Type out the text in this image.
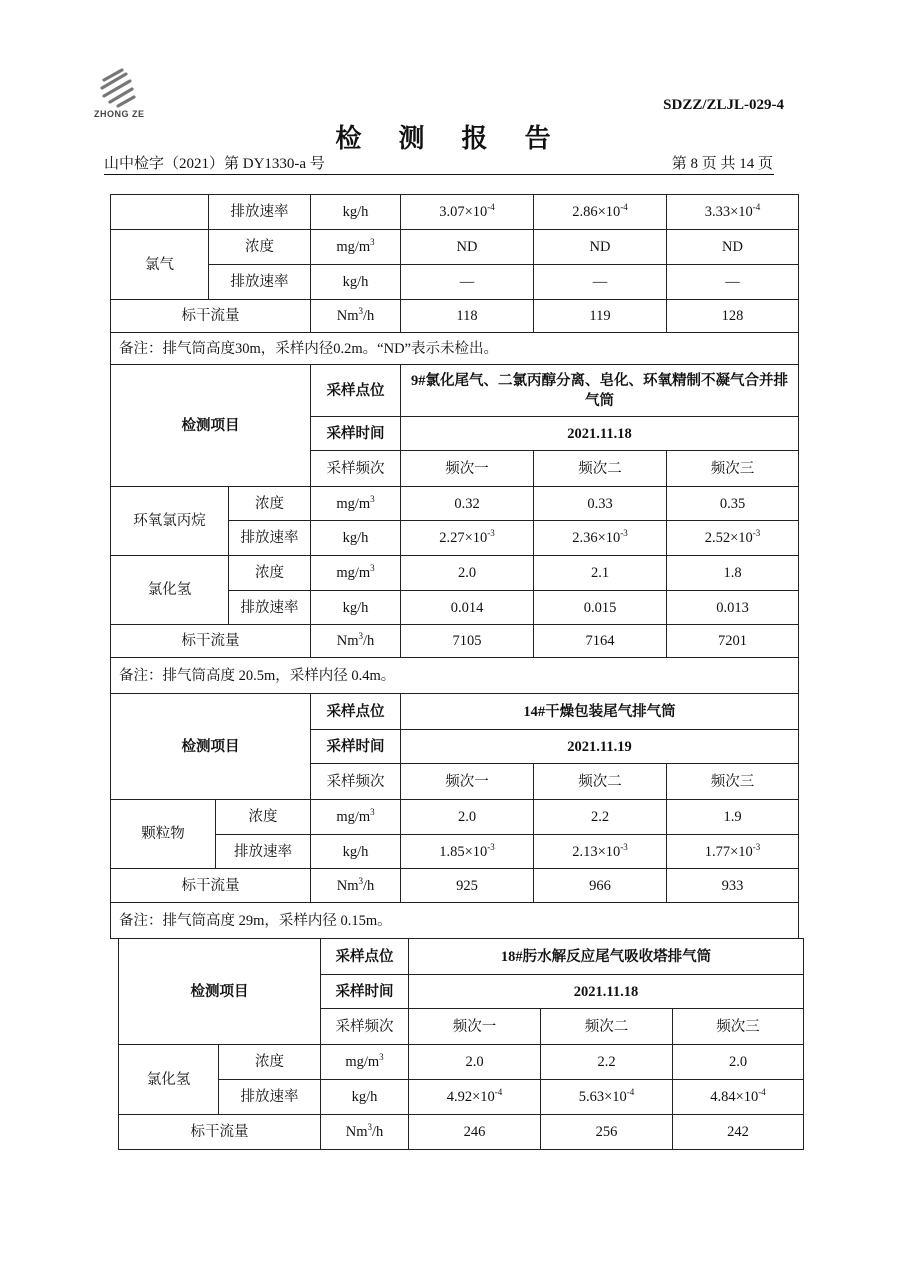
ZHONG ZE
SDZZ/ZLJL-029-4
检 测 报 告
山中检字（2021）第 DY1330-a 号	第 8 页 共 14 页
	排放速率	kg/h	$3.07\times 10^{-4}$	$2.86\times 10^{-4}$	$3.33\times 10^{-4}$
氯气	浓度	$mg/m^3$	ND	ND	ND
	排放速率	kg/h	—	—	—
标干流量		Nm$^3$/h	118	119	128
备注：排气筒高度30m，采样内径0.2m。“ND”表示未检出。					
检测项目		采样点位	9#氯化尾气、二氯丙醇分离、皂化、环氧精制不凝气合并排气筒		
		采样时间	2021.11.18		
		采样频次	频次一	频次二	频次三
环氧氯丙烷	浓度	$mg/m^3$	0.32	0.33	0.35
	排放速率	kg/h	$2.27\times 10^{-3}$	$2.36\times 10^{-3}$	$2.52\times 10^{-3}$
氯化氢	浓度	$mg/m^3$	2.0	2.1	1.8
	排放速率	kg/h	0.014	0.015	0.013
标干流量		Nm$^3$/h	7105	7164	7201
备注：排气筒高度 20.5m，采样内径 0.4m。					
检测项目		采样点位	14#干燥包装尾气排气筒		
		采样时间	2021.11.19		
		采样频次	频次一	频次二	频次三
颗粒物	浓度	$mg/m^3$	2.0	2.2	1.9
	排放速率	kg/h	$1.85\times 10^{-3}$	$2.13\times 10^{-3}$	$1.77\times 10^{-3}$
标干流量		Nm$^3$/h	925	966	933
备注：排气筒高度 29m，采样内径 0.15m。					
检测项目		采样点位	18#肟水解反应尾气吸收塔排气筒		
		采样时间	2021.11.18		
		采样频次	频次一	频次二	频次三
氯化氢	浓度	$mg/m^3$	2.0	2.2	2.0
	排放速率	kg/h	$4.92\times 10^{-4}$	$5.63\times 10^{-4}$	$4.84\times 10^{-4}$
标干流量		Nm$^3$/h	246	256	242
